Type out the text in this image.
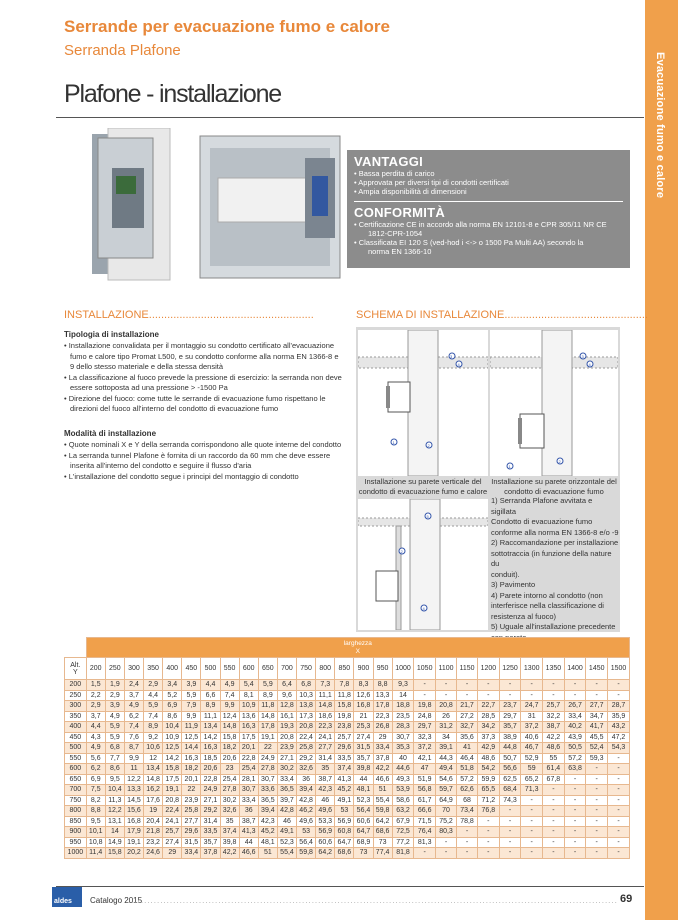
Evacuazione fumo e calore
Serrande per evacuazione fumo e calore
Serranda Plafone
Plafone - installazione
VANTAGGI
• Bassa perdita di carico
• Approvata per diversi tipi di condotti certificati
• Ampia disponibilità di dimensioni
CONFORMITÀ
• Certificazione CE in accordo alla norma EN 12101-8 e CPR 305/11 NR CE
1812-CPR-1054
• Classificata EI 120 S (ved-hod i <-> o 1500 Pa Multi AA) secondo la
norma EN 1366-10
INSTALLAZIONE......................................................
Tipologia di installazione
• Installazione convalidata per il montaggio su condotto certificato all'evacuazione fumo e calore tipo Promat L500, e su condotto conforme alla norma EN 1366-8 e 9 dello stesso materiale e della stessa densità
• La classificazione al fuoco prevede la pressione di esercizio: la serranda non deve essere sottoposta ad una pressione > -1500 Pa
• Direzione del fuoco: come tutte le serrande di evacuazione fumo rispettano le direzioni del fuoco all'interno del condotto di evacuazione fumo
Modalità di installazione
• Quote nominali X e Y della serranda corrispondono alle quote interne del condotto
• La serranda tunnel Plafone è fornita di un raccordo da 60 mm che deve essere inserita all'interno del condotto e seguire il flusso d'aria
• L'installazione del condotto segue i principi del montaggio di condotto
SCHEMA DI INSTALLAZIONE...............................................
3
4
1
2
3
4
1
2
Installazione su parete verticale del condotto di evacuazione fumo e calore
Installazione su parete orizzontale del condotto di evacuazione fumo
5
2
4
1) Serranda Plafone avvitata e sigillata
Condotto di evacuazione fumo
conforme alla norma EN 1366-8 e/o -9
2) Raccomandazione per installazione
sottotraccia (in funzione della nature du
conduit).
3) Pavimento
4) Parete intorno al condotto (non
interferisce nella classificazione di
resistenza al fuoco)
5) Uguale all'installazione precedente

	larghezza
X																										

Alt.
Y	200	250	300	350	400	450	500	550	600	650	700	750	800	850	900	950	1000	1050	1100	1150	1200	1250	1300	1350	1400	1450	1500
200	1,5	1,9	2,4	2,9	3,4	3,9	4,4	4,9	5,4	5,9	6,4	6,8	7,3	7,8	8,3	8,8	9,3	-	-	-	-	-	-	-	-	-	-
250	2,2	2,9	3,7	4,4	5,2	5,9	6,6	7,4	8,1	8,9	9,6	10,3	11,1	11,8	12,6	13,3	14	-	-	-	-	-	-	-	-	-	-
300	2,9	3,9	4,9	5,9	6,9	7,9	8,9	9,9	10,9	11,8	12,8	13,8	14,8	15,8	16,8	17,8	18,8	19,8	20,8	21,7	22,7	23,7	24,7	25,7	26,7	27,7	28,7
350	3,7	4,9	6,2	7,4	8,6	9,9	11,1	12,4	13,6	14,8	16,1	17,3	18,6	19,8	21	22,3	23,5	24,8	26	27,2	28,5	29,7	31	32,2	33,4	34,7	35,9
400	4,4	5,9	7,4	8,9	10,4	11,9	13,4	14,8	16,3	17,8	19,3	20,8	22,3	23,8	25,3	26,8	28,3	29,7	31,2	32,7	34,2	35,7	37,2	38,7	40,2	41,7	43,2
450	4,3	5,9	7,6	9,2	10,9	12,5	14,2	15,8	17,5	19,1	20,8	22,4	24,1	25,7	27,4	29	30,7	32,3	34	35,6	37,3	38,9	40,6	42,2	43,9	45,5	47,2
500	4,9	6,8	8,7	10,6	12,5	14,4	16,3	18,2	20,1	22	23,9	25,8	27,7	29,6	31,5	33,4	35,3	37,2	39,1	41	42,9	44,8	46,7	48,6	50,5	52,4	54,3
550	5,6	7,7	9,9	12	14,2	16,3	18,5	20,6	22,8	24,9	27,1	29,2	31,4	33,5	35,7	37,8	40	42,1	44,3	46,4	48,6	50,7	52,9	55	57,2	59,3	-
600	6,2	8,6	11	13,4	15,8	18,2	20,6	23	25,4	27,8	30,2	32,6	35	37,4	39,8	42,2	44,6	47	49,4	51,8	54,2	56,6	59	61,4	63,8	-	-
650	6,9	9,5	12,2	14,8	17,5	20,1	22,8	25,4	28,1	30,7	33,4	36	38,7	41,3	44	46,6	49,3	51,9	54,6	57,2	59,9	62,5	65,2	67,8	-	-	-
700	7,5	10,4	13,3	16,2	19,1	22	24,9	27,8	30,7	33,6	36,5	39,4	42,3	45,2	48,1	51	53,9	56,8	59,7	62,6	65,5	68,4	71,3	-	-	-	-
750	8,2	11,3	14,5	17,6	20,8	23,9	27,1	30,2	33,4	36,5	39,7	42,8	46	49,1	52,3	55,4	58,6	61,7	64,9	68	71,2	74,3	-	-	-	-	-
800	8,8	12,2	15,6	19	22,4	25,8	29,2	32,6	36	39,4	42,8	46,2	49,6	53	56,4	59,8	63,2	66,6	70	73,4	76,8	-	-	-	-	-	-
850	9,5	13,1	16,8	20,4	24,1	27,7	31,4	35	38,7	42,3	46	49,6	53,3	56,9	60,6	64,2	67,9	71,5	75,2	78,8	-	-	-	-	-	-	-
900	10,1	14	17,9	21,8	25,7	29,6	33,5	37,4	41,3	45,2	49,1	53	56,9	60,8	64,7	68,6	72,5	76,4	80,3	-	-	-	-	-	-	-	-
950	10,8	14,9	19,1	23,2	27,4	31,5	35,7	39,8	44	48,1	52,3	56,4	60,6	64,7	68,9	73	77,2	81,3	-	-	-	-	-	-	-	-	-
1000	11,4	15,8	20,2	24,6	29	33,4	37,8	42,2	46,6	51	55,4	59,8	64,2	68,6	73	77,4	81,8	-	-	-	-	-	-	-	-	-	-
aldes	Catalogo 2015
........................................................................................................................................................ 69
